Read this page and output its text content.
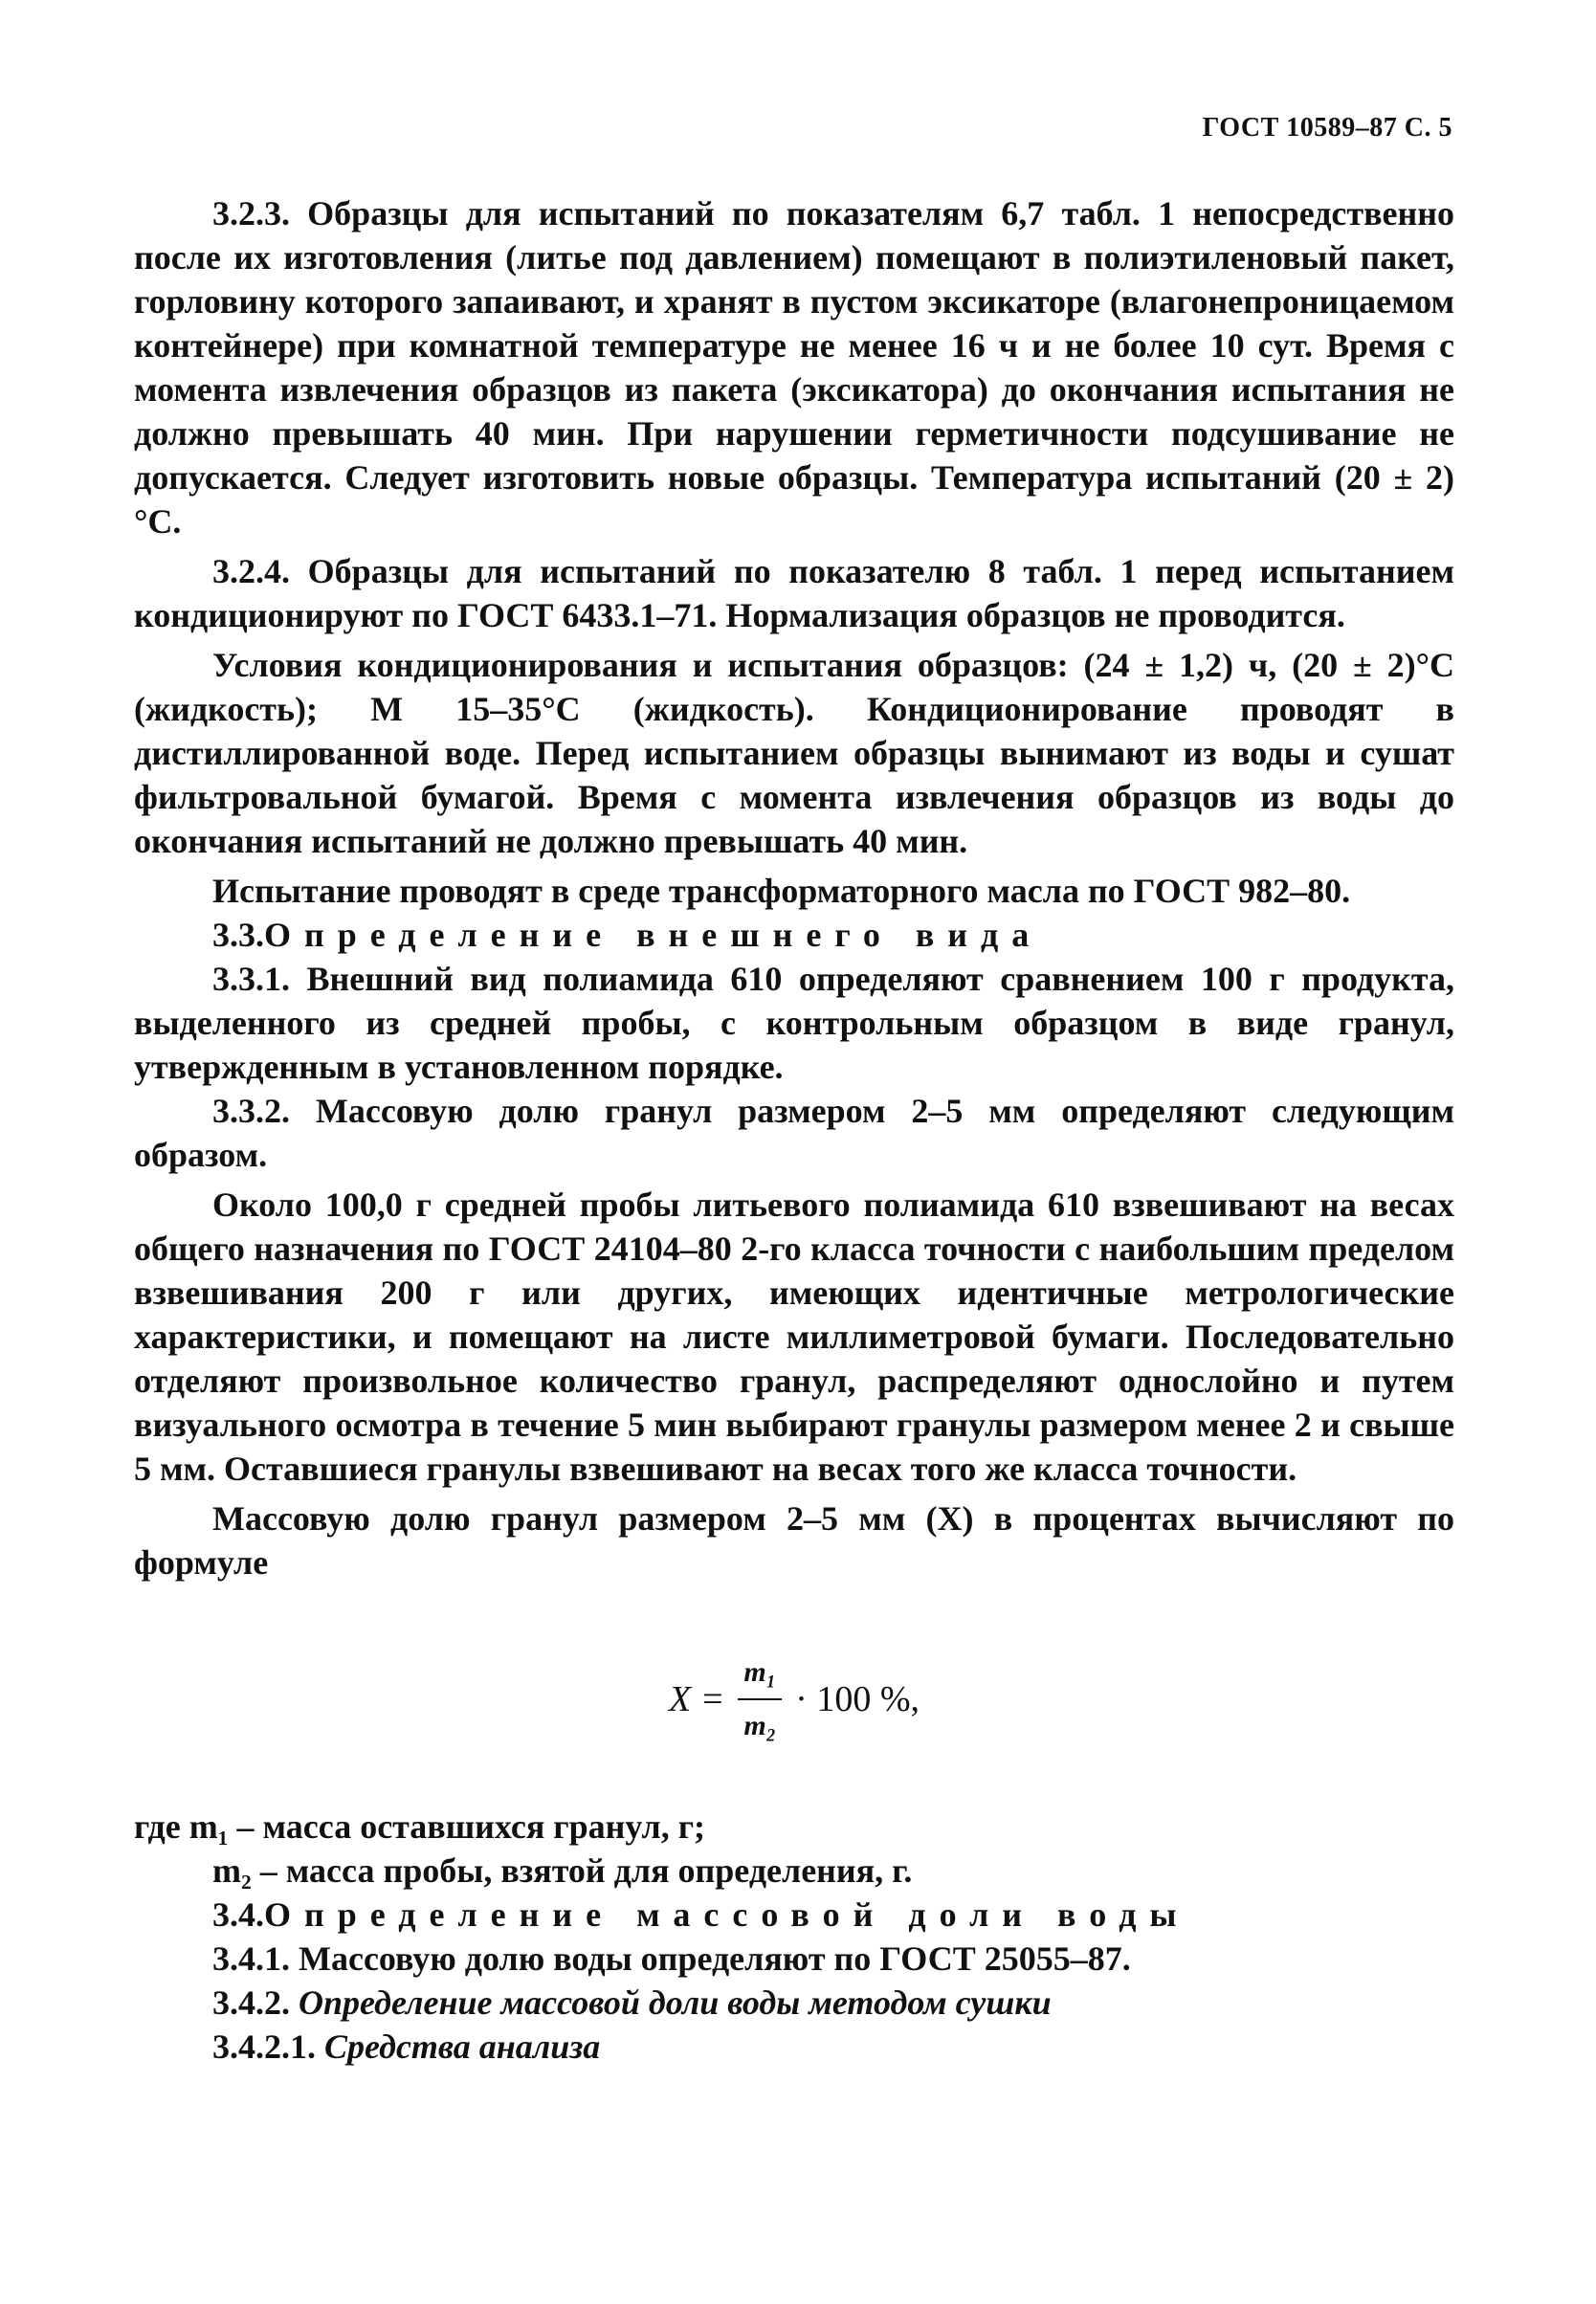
ГОСТ 10589–87 С. 5

3.2.3. Образцы для испытаний по показателям 6,7 табл. 1 непосредственно после их изготовления (литье под давлением) помещают в полиэтиленовый пакет, горловину которого запаивают, и хранят в пустом эксикаторе (влагонепроницаемом контейнере) при комнатной температуре не менее 16 ч и не более 10 сут. Время с момента извлечения образцов из пакета (эксикатора) до окончания испытания не должно превышать 40 мин. При нарушении герметичности подсушивание не допускается. Следует изготовить новые образцы. Температура испытаний (20 ± 2)°С.

3.2.4. Образцы для испытаний по показателю 8 табл. 1 перед испытанием кондиционируют по ГОСТ 6433.1–71. Нормализация образцов не проводится.

Условия кондиционирования и испытания образцов: (24 ± 1,2) ч, (20 ± 2)°С (жидкость); М 15–35°С (жидкость). Кондиционирование проводят в дистиллированной воде. Перед испытанием образцы вынимают из воды и сушат фильтровальной бумагой. Время с момента извлечения образцов из воды до окончания испытаний не должно превышать 40 мин.

Испытание проводят в среде трансформаторного масла по ГОСТ 982–80.

3.3.Определение внешнего вида

3.3.1. Внешний вид полиамида 610 определяют сравнением 100 г продукта, выделенного из средней пробы, с контрольным образцом в виде гранул, утвержденным в установленном порядке.

3.3.2. Массовую долю гранул размером 2–5 мм определяют следующим образом.

Около 100,0 г средней пробы литьевого полиамида 610 взвешивают на весах общего назначения по ГОСТ 24104–80 2-го класса точности с наибольшим пределом взвешивания 200 г или других, имеющих идентичные метрологические характеристики, и помещают на листе миллиметровой бумаги. Последовательно отделяют произвольное количество гранул, распределяют однослойно и путем визуального осмотра в течение 5 мин выбирают гранулы размером менее 2 и свыше 5 мм. Оставшиеся гранулы взвешивают на весах того же класса точности.

Массовую долю гранул размером 2–5 мм (X) в процентах вычисляют по формуле

$X = \frac{\text{m₁}}{\text{m₂}} \cdot 100$ %,

где m₁ – масса оставшихся гранул, г;

m₂ – масса пробы, взятой для определения, г.

3.4.Определение массовой доли воды

3.4.1. Массовую долю воды определяют по ГОСТ 25055–87.

3.4.2. Определение массовой доли воды методом сушки

3.4.2.1. Средства анализа
